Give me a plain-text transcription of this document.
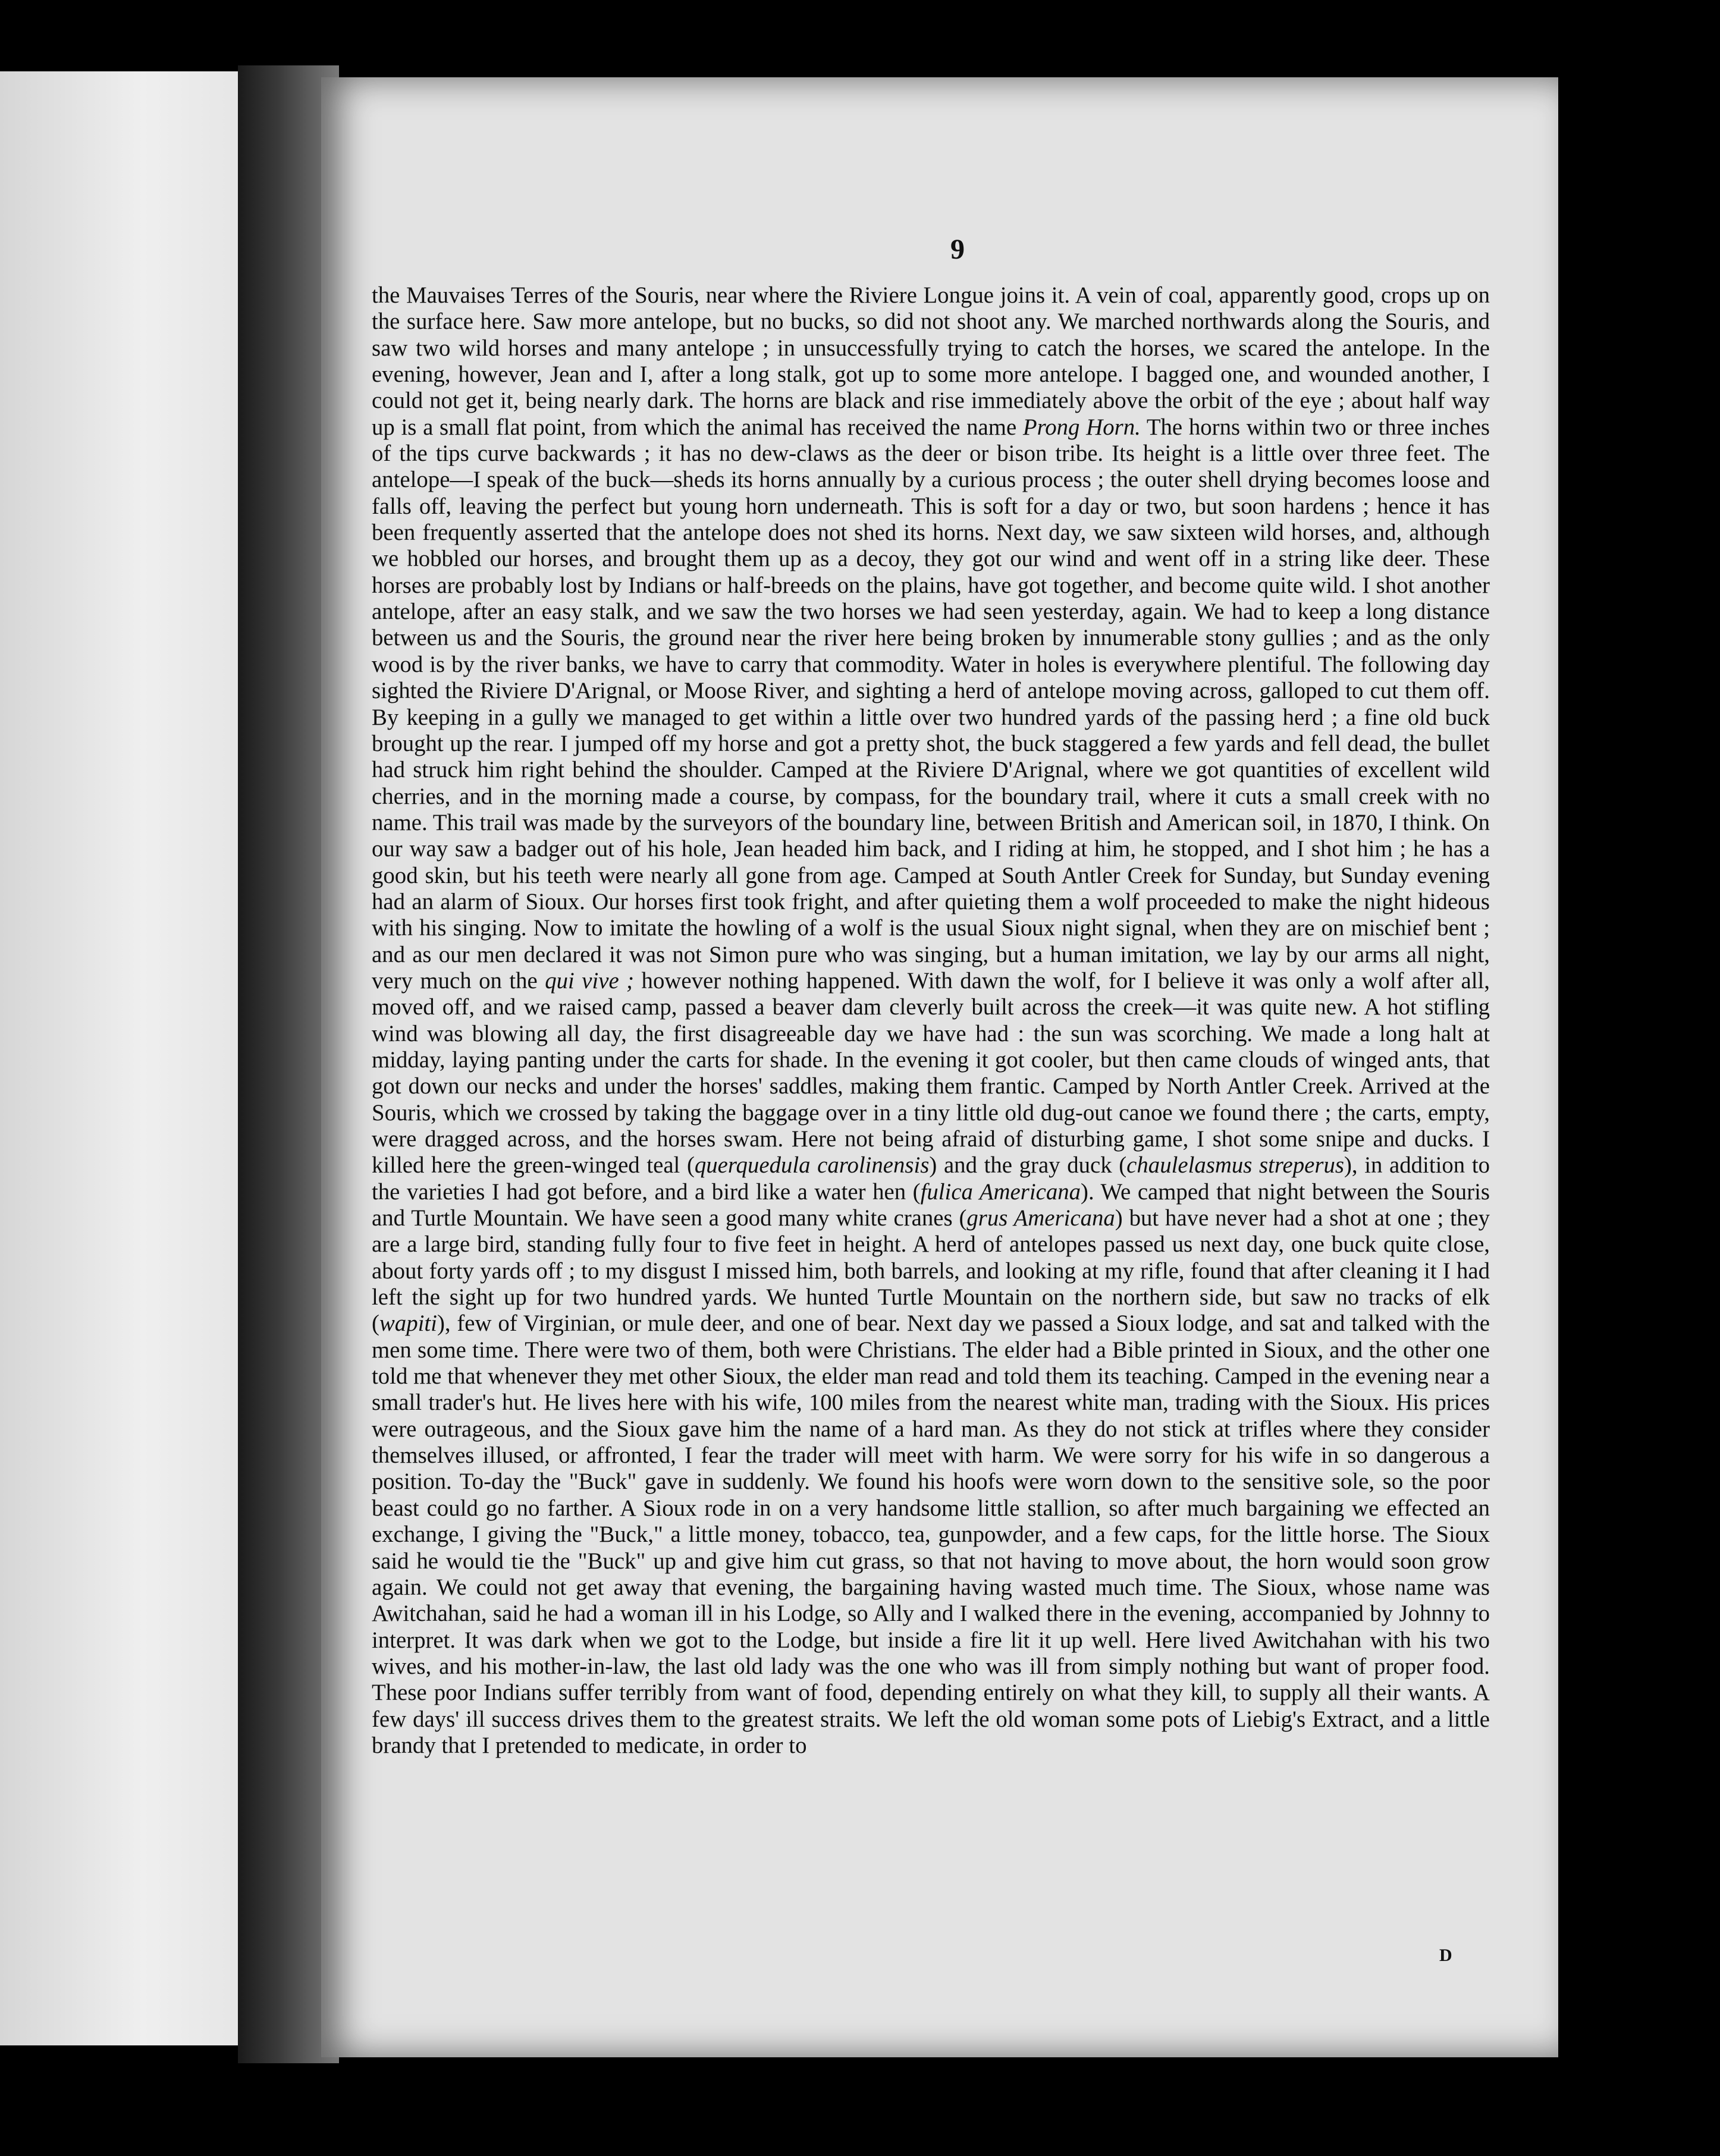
9

the Mauvaises Terres of the Souris, near where the Riviere Longue joins it. A vein of coal, apparently good, crops up on the surface here. Saw more antelope, but no bucks, so did not shoot any. We marched northwards along the Souris, and saw two wild horses and many antelope ; in unsuccessfully trying to catch the horses, we scared the antelope. In the evening, however, Jean and I, after a long stalk, got up to some more antelope. I bagged one, and wounded another, I could not get it, being nearly dark. The horns are black and rise immediately above the orbit of the eye ; about half way up is a small flat point, from which the animal has received the name Prong Horn. The horns within two or three inches of the tips curve backwards ; it has no dew-claws as the deer or bison tribe. Its height is a little over three feet. The antelope—I speak of the buck—sheds its horns annually by a curious process ; the outer shell drying becomes loose and falls off, leaving the perfect but young horn underneath. This is soft for a day or two, but soon hardens ; hence it has been frequently asserted that the antelope does not shed its horns. Next day, we saw sixteen wild horses, and, although we hobbled our horses, and brought them up as a decoy, they got our wind and went off in a string like deer. These horses are probably lost by Indians or half-breeds on the plains, have got together, and become quite wild. I shot another antelope, after an easy stalk, and we saw the two horses we had seen yesterday, again. We had to keep a long distance between us and the Souris, the ground near the river here being broken by innumerable stony gullies ; and as the only wood is by the river banks, we have to carry that commodity. Water in holes is everywhere plentiful. The following day sighted the Riviere D'Arignal, or Moose River, and sighting a herd of antelope moving across, galloped to cut them off. By keeping in a gully we managed to get within a little over two hundred yards of the passing herd ; a fine old buck brought up the rear. I jumped off my horse and got a pretty shot, the buck staggered a few yards and fell dead, the bullet had struck him right behind the shoulder. Camped at the Riviere D'Arignal, where we got quantities of excellent wild cherries, and in the morning made a course, by compass, for the boundary trail, where it cuts a small creek with no name. This trail was made by the surveyors of the boundary line, between British and American soil, in 1870, I think. On our way saw a badger out of his hole, Jean headed him back, and I riding at him, he stopped, and I shot him ; he has a good skin, but his teeth were nearly all gone from age. Camped at South Antler Creek for Sunday, but Sunday evening had an alarm of Sioux. Our horses first took fright, and after quieting them a wolf proceeded to make the night hideous with his singing. Now to imitate the howling of a wolf is the usual Sioux night signal, when they are on mischief bent ; and as our men declared it was not Simon pure who was singing, but a human imitation, we lay by our arms all night, very much on the qui vive ; however nothing happened. With dawn the wolf, for I believe it was only a wolf after all, moved off, and we raised camp, passed a beaver dam cleverly built across the creek—it was quite new. A hot stifling wind was blowing all day, the first disagreeable day we have had : the sun was scorching. We made a long halt at midday, laying panting under the carts for shade. In the evening it got cooler, but then came clouds of winged ants, that got down our necks and under the horses' saddles, making them frantic. Camped by North Antler Creek. Arrived at the Souris, which we crossed by taking the baggage over in a tiny little old dug-out canoe we found there ; the carts, empty, were dragged across, and the horses swam. Here not being afraid of disturbing game, I shot some snipe and ducks. I killed here the green-winged teal (querquedula carolinensis) and the gray duck (chaulelasmus streperus), in addition to the varieties I had got before, and a bird like a water hen (fulica Americana). We camped that night between the Souris and Turtle Mountain. We have seen a good many white cranes (grus Americana) but have never had a shot at one ; they are a large bird, standing fully four to five feet in height. A herd of antelopes passed us next day, one buck quite close, about forty yards off ; to my disgust I missed him, both barrels, and looking at my rifle, found that after cleaning it I had left the sight up for two hundred yards. We hunted Turtle Mountain on the northern side, but saw no tracks of elk (wapiti), few of Virginian, or mule deer, and one of bear. Next day we passed a Sioux lodge, and sat and talked with the men some time. There were two of them, both were Christians. The elder had a Bible printed in Sioux, and the other one told me that whenever they met other Sioux, the elder man read and told them its teaching. Camped in the evening near a small trader's hut. He lives here with his wife, 100 miles from the nearest white man, trading with the Sioux. His prices were outrageous, and the Sioux gave him the name of a hard man. As they do not stick at trifles where they consider themselves illused, or affronted, I fear the trader will meet with harm. We were sorry for his wife in so dangerous a position. To-day the "Buck" gave in suddenly. We found his hoofs were worn down to the sensitive sole, so the poor beast could go no farther. A Sioux rode in on a very handsome little stallion, so after much bargaining we effected an exchange, I giving the "Buck," a little money, tobacco, tea, gunpowder, and a few caps, for the little horse. The Sioux said he would tie the "Buck" up and give him cut grass, so that not having to move about, the horn would soon grow again. We could not get away that evening, the bargaining having wasted much time. The Sioux, whose name was Awitchahan, said he had a woman ill in his Lodge, so Ally and I walked there in the evening, accompanied by Johnny to interpret. It was dark when we got to the Lodge, but inside a fire lit it up well. Here lived Awitchahan with his two wives, and his mother-in-law, the last old lady was the one who was ill from simply nothing but want of proper food. These poor Indians suffer terribly from want of food, depending entirely on what they kill, to supply all their wants. A few days' ill success drives them to the greatest straits. We left the old woman some pots of Liebig's Extract, and a little brandy that I pretended to medicate, in order to

D
